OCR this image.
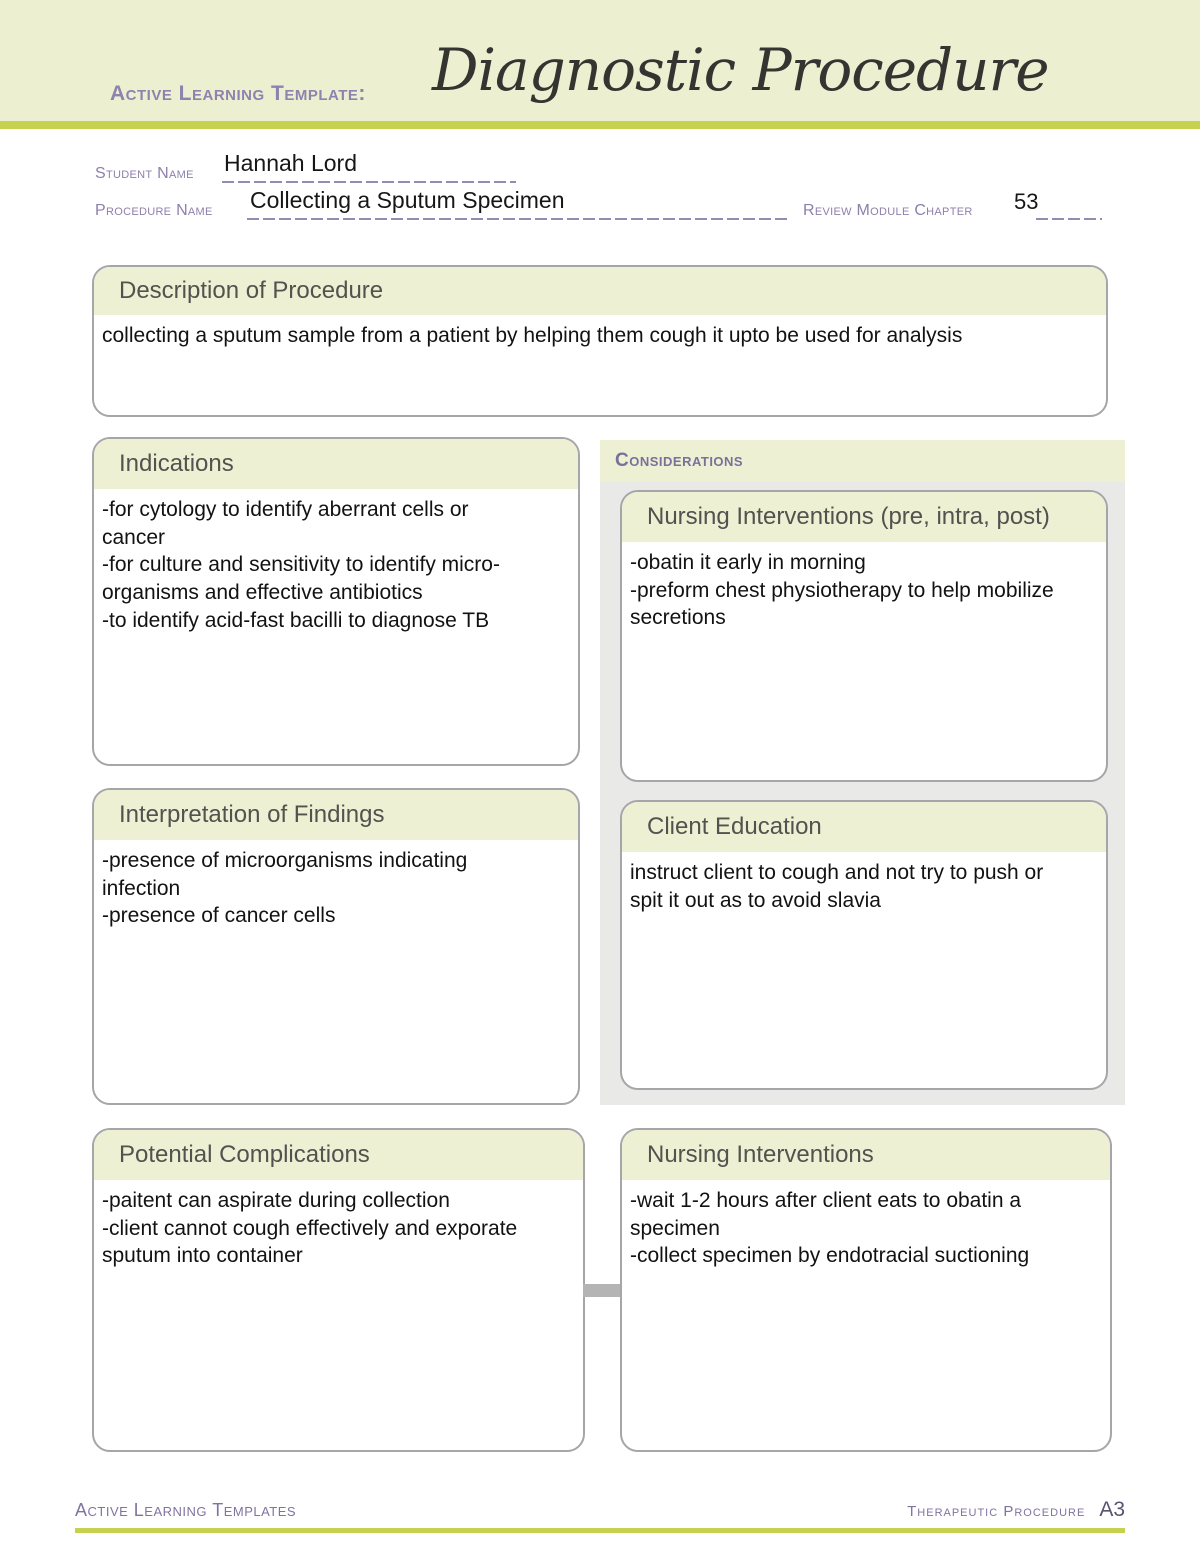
Active Learning Template: Diagnostic Procedure
Student Name Hannah Lord
Procedure Name Collecting a Sputum Specimen	Review Module Chapter 53
Description of Procedure
collecting a sputum sample from a patient by helping them cough it upto be used for analysis
Indications
-for cytology to identify aberrant cells or
cancer
-for culture and sensitivity to identify micro-
organisms and effective antibiotics
-to identify acid-fast bacilli to diagnose TB
Considerations
Nursing Interventions (pre, intra, post)
-obatin it early in morning
-preform chest physiotherapy to help mobilize
secretions
Client Education
instruct client to cough and not try to push or
spit it out as to avoid slavia
Interpretation of Findings
-presence of microorganisms indicating
infection
-presence of cancer cells
Potential Complications
-paitent can aspirate during collection
-client cannot cough effectively and exporate
sputum into container
Nursing Interventions
-wait 1-2 hours after client eats to obatin a
specimen
-collect specimen by endotracial suctioning
Active Learning Templates	Therapeutic Procedure A3
